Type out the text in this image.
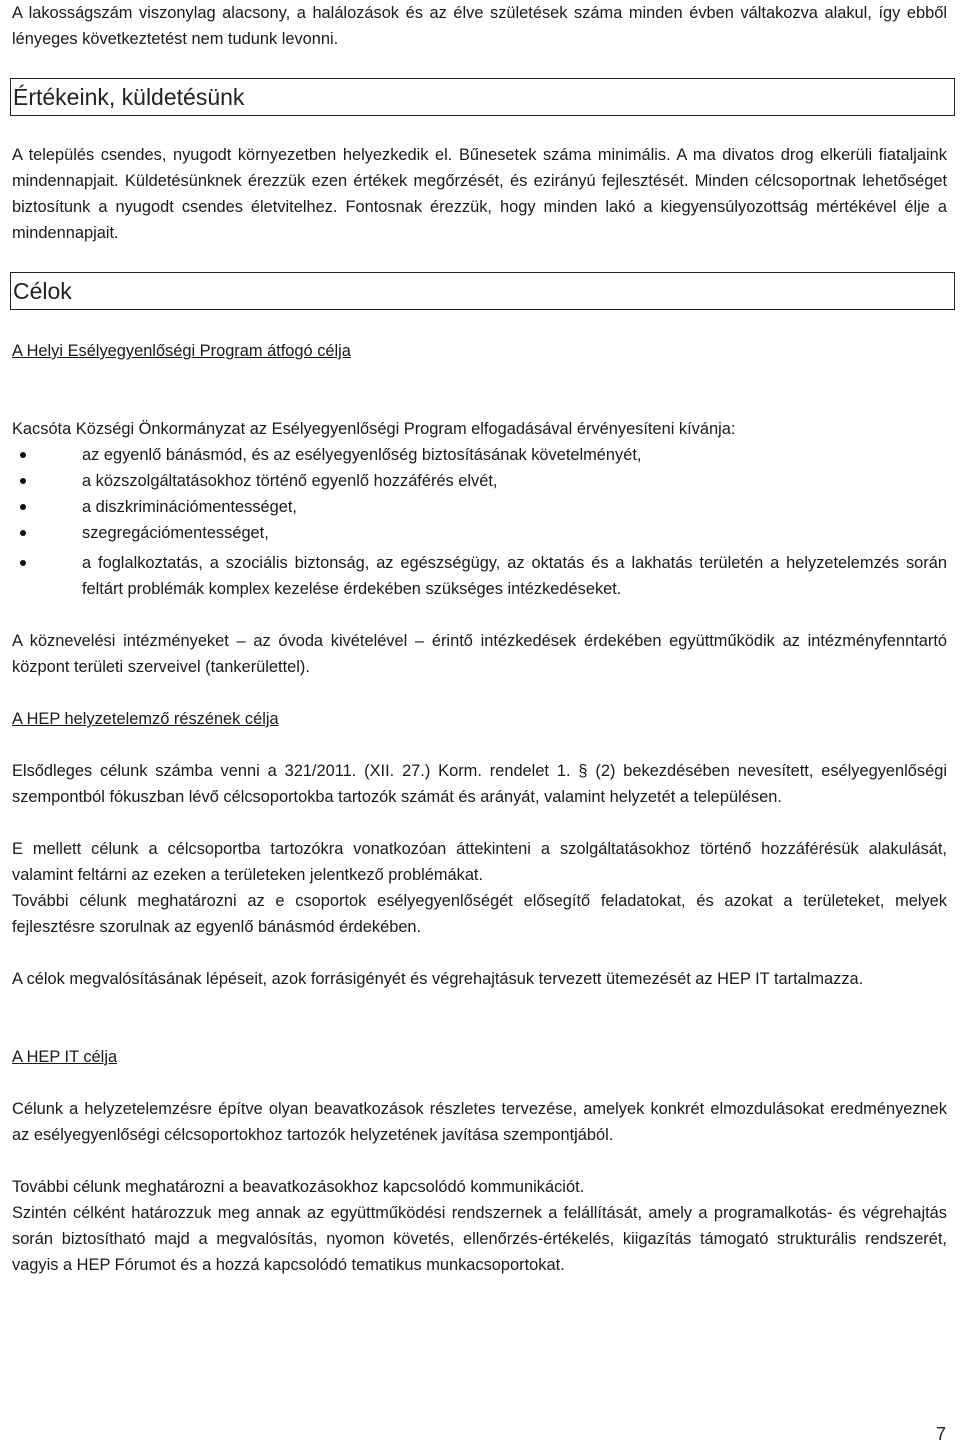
A lakosságszám viszonylag alacsony, a halálozások és az élve születések száma minden évben váltakozva alakul, így ebből lényeges következtetést nem tudunk levonni.

Értékeink, küldetésünk

A település csendes, nyugodt környezetben helyezkedik el. Bűnesetek száma minimális. A ma divatos drog elkerüli fiataljaink mindennapjait. Küldetésünknek érezzük ezen értékek megőrzését, és ezirányú fejlesztését. Minden célcsoportnak lehetőséget biztosítunk a nyugodt csendes életvitelhez. Fontosnak érezzük, hogy minden lakó a kiegyensúlyozottság mértékével élje a mindennapjait.

Célok
A Helyi Esélyegyenlőségi Program átfogó célja

Kacsóta Községi Önkormányzat az Esélyegyenlőségi Program elfogadásával érvényesíteni kívánja:

az egyenlő bánásmód, és az esélyegyenlőség biztosításának követelményét,
a közszolgáltatásokhoz történő egyenlő hozzáférés elvét,
a diszkriminációmentességet,
szegregációmentességet,
a foglalkoztatás, a szociális biztonság, az egészségügy, az oktatás és a lakhatás területén a helyzetelemzés során feltárt problémák komplex kezelése érdekében szükséges intézkedéseket.

A köznevelési intézményeket – az óvoda kivételével – érintő intézkedések érdekében együttműködik az intézményfenntartó központ területi szerveivel (tankerülettel).

A HEP helyzetelemző részének célja

Elsődleges célunk számba venni a 321/2011. (XII. 27.) Korm. rendelet 1. § (2) bekezdésében nevesített, esélyegyenlőségi szempontból fókuszban lévő célcsoportokba tartozók számát és arányát, valamint helyzetét a településen.

E mellett célunk a célcsoportba tartozókra vonatkozóan áttekinteni a szolgáltatásokhoz történő hozzáférésük alakulását, valamint feltárni az ezeken a területeken jelentkező problémákat.

További célunk meghatározni az e csoportok esélyegyenlőségét elősegítő feladatokat, és azokat a területeket, melyek fejlesztésre szorulnak az egyenlő bánásmód érdekében.

A célok megvalósításának lépéseit, azok forrásigényét és végrehajtásuk tervezett ütemezését az HEP IT tartalmazza.

A HEP IT célja

Célunk a helyzetelemzésre építve olyan beavatkozások részletes tervezése, amelyek konkrét elmozdulásokat eredményeznek az esélyegyenlőségi célcsoportokhoz tartozók helyzetének javítása szempontjából.

További célunk meghatározni a beavatkozásokhoz kapcsolódó kommunikációt.

Szintén célként határozzuk meg annak az együttműködési rendszernek a felállítását, amely a programalkotás- és végrehajtás során biztosítható majd a megvalósítás, nyomon követés, ellenőrzés-értékelés, kiigazítás támogató strukturális rendszerét, vagyis a HEP Fórumot és a hozzá kapcsolódó tematikus munkacsoportokat.

7
